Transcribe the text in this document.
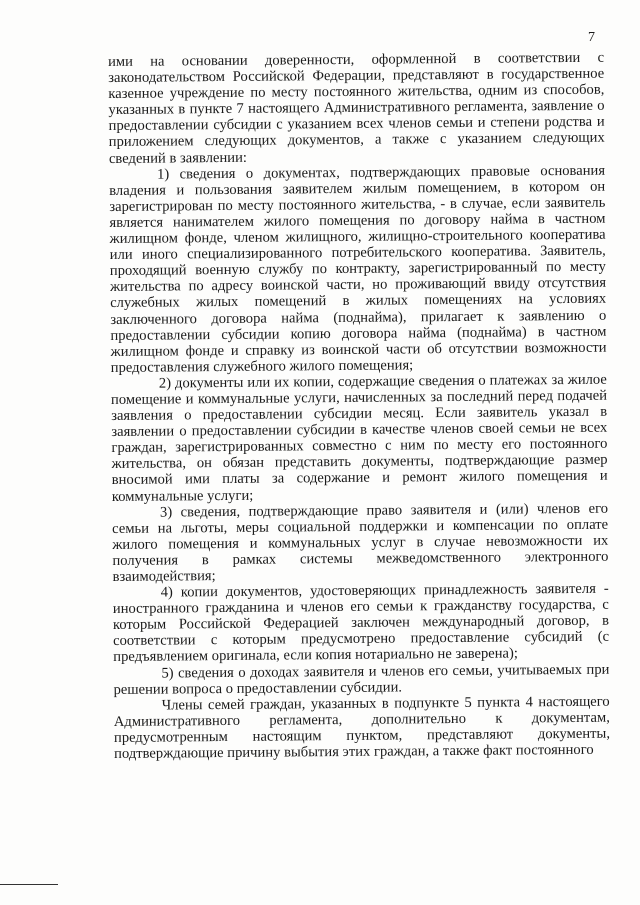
7

ими на основании доверенности, оформленной в соответствии с законодательством Российской Федерации, представляют в государственное казенное учреждение по месту постоянного жительства, одним из способов, указанных в пункте 7 настоящего Административного регламента, заявление о предоставлении субсидии с указанием всех членов семьи и степени родства и приложением следующих документов, а также с указанием следующих сведений в заявлении:

1) сведения о документах, подтверждающих правовые основания владения и пользования заявителем жилым помещением, в котором он зарегистрирован по месту постоянного жительства, - в случае, если заявитель является нанимателем жилого помещения по договору найма в частном жилищном фонде, членом жилищного, жилищно-строительного кооператива или иного специализированного потребительского кооператива. Заявитель, проходящий военную службу по контракту, зарегистрированный по месту жительства по адресу воинской части, но проживающий ввиду отсутствия служебных жилых помещений в жилых помещениях на условиях заключенного договора найма (поднайма), прилагает к заявлению о предоставлении субсидии копию договора найма (поднайма) в частном жилищном фонде и справку из воинской части об отсутствии возможности предоставления служебного жилого помещения;

2) документы или их копии, содержащие сведения о платежах за жилое помещение и коммунальные услуги, начисленных за последний перед подачей заявления о предоставлении субсидии месяц. Если заявитель указал в заявлении о предоставлении субсидии в качестве членов своей семьи не всех граждан, зарегистрированных совместно с ним по месту его постоянного жительства, он обязан представить документы, подтверждающие размер вносимой ими платы за содержание и ремонт жилого помещения и коммунальные услуги;

3) сведения, подтверждающие право заявителя и (или) членов его семьи на льготы, меры социальной поддержки и компенсации по оплате жилого помещения и коммунальных услуг в случае невозможности их получения в рамках системы межведомственного электронного взаимодействия;

4) копии документов, удостоверяющих принадлежность заявителя - иностранного гражданина и членов его семьи к гражданству государства, с которым Российской Федерацией заключен международный договор, в соответствии с которым предусмотрено предоставление субсидий (с предъявлением оригинала, если копия нотариально не заверена);

5) сведения о доходах заявителя и членов его семьи, учитываемых при решении вопроса о предоставлении субсидии.

Члены семей граждан, указанных в подпункте 5 пункта 4 настоящего Административного регламента, дополнительно к документам, предусмотренным настоящим пунктом, представляют документы, подтверждающие причину выбытия этих граждан, а также факт постоянного
